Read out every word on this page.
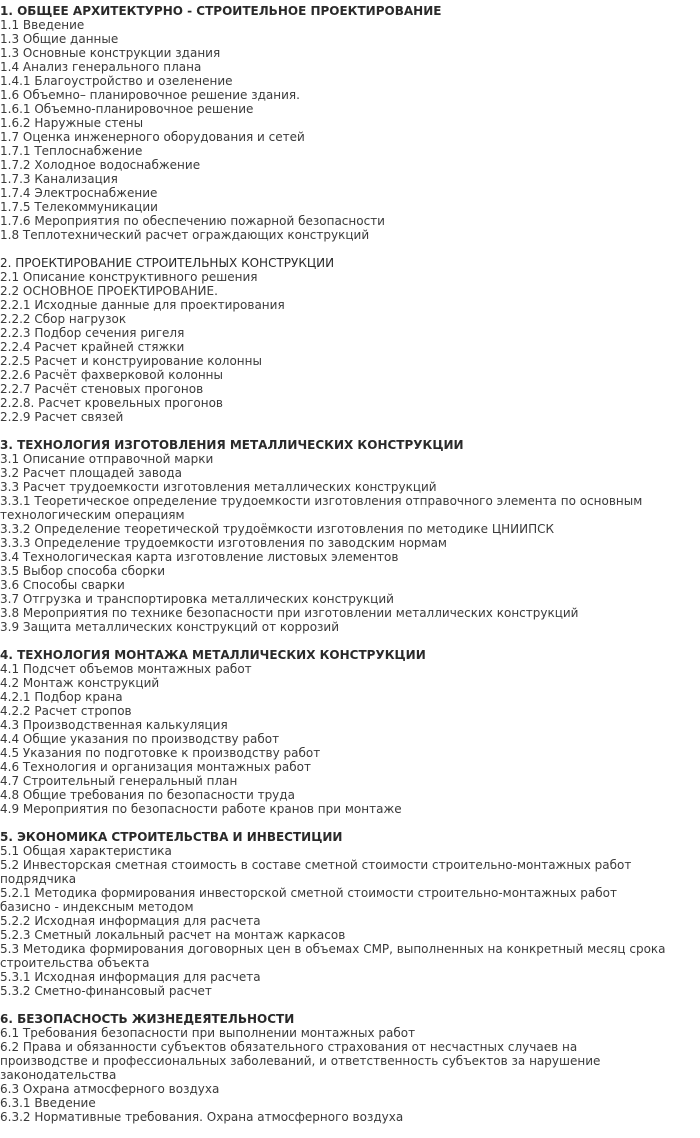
1. ОБЩЕЕ АРХИТЕКТУРНО - СТРОИТЕЛЬНОЕ ПРОЕКТИРОВАНИЕ
1.1 Введение
1.3 Общие данные
1.3 Основные конструкции здания
1.4 Анализ генерального плана
1.4.1 Благоустройство и озеленение
1.6 Объемно– планировочное решение здания.
1.6.1 Объемно-планировочное решение
1.6.2 Наружные стены
1.7 Оценка инженерного оборудования и сетей
1.7.1 Теплоснабжение
1.7.2 Холодное водоснабжение
1.7.3 Канализация
1.7.4 Электроснабжение
1.7.5 Телекоммуникации
1.7.6 Мероприятия по обеспечению пожарной безопасности
1.8 Теплотехнический расчет ограждающих конструкций
2. ПРОЕКТИРОВАНИЕ СТРОИТЕЛЬНЫХ КОНСТРУКЦИИ
2.1 Описание конструктивного решения
2.2 ОСНОВНОЕ ПРОЕКТИРОВАНИЕ.
2.2.1 Исходные данные для проектирования
2.2.2 Сбор нагрузок
2.2.3 Подбор сечения ригеля
2.2.4 Расчет крайней стяжки
2.2.5 Расчет и конструирование колонны
2.2.6 Расчёт фахверковой колонны
2.2.7 Расчёт стеновых прогонов
2.2.8. Расчет кровельных прогонов
2.2.9 Расчет связей
3. ТЕХНОЛОГИЯ ИЗГОТОВЛЕНИЯ МЕТАЛЛИЧЕСКИХ КОНСТРУКЦИИ
3.1 Описание отправочной марки
3.2 Расчет площадей завода
3.3 Расчет трудоемкости изготовления металлических конструкций
3.3.1 Теоретическое определение трудоемкости изготовления отправочного элемента по основным технологическим операциям
3.3.2 Определение теоретической трудоёмкости изготовления по методике ЦНИИПСК
3.3.3 Определение трудоемкости изготовления по заводским нормам
3.4 Технологическая карта изготовление листовых элементов
3.5 Выбор способа сборки
3.6 Способы сварки
3.7 Отгрузка и транспортировка металлических конструкций
3.8 Мероприятия по технике безопасности при изготовлении металлических конструкций
3.9 Защита металлических конструкций от коррозий
4. ТЕХНОЛОГИЯ МОНТАЖА МЕТАЛЛИЧЕСКИХ КОНСТРУКЦИИ
4.1 Подсчет объемов монтажных работ
4.2 Монтаж конструкций
4.2.1 Подбор крана
4.2.2 Расчет стропов
4.3 Производственная калькуляция
4.4 Общие указания по производству работ
4.5 Указания по подготовке к производству работ
4.6 Технология и организация монтажных работ
4.7 Строительный генеральный план
4.8 Общие требования по безопасности труда
4.9 Мероприятия по безопасности работе кранов при монтаже
5. ЭКОНОМИКА СТРОИТЕЛЬСТВА И ИНВЕСТИЦИИ
5.1 Общая характеристика
5.2 Инвесторская сметная стоимость в составе сметной стоимости строительно-монтажных работ подрядчика
5.2.1 Методика формирования инвесторской сметной стоимости строительно-монтажных работ базисно - индексным методом
5.2.2 Исходная информация для расчета
5.2.3 Сметный локальный расчет на монтаж каркасов
5.3 Методика формирования договорных цен в объемах СМР, выполненных на конкретный месяц срока строительства объекта
5.3.1 Исходная информация для расчета
5.3.2 Сметно-финансовый расчет
6. БЕЗОПАСНОСТЬ ЖИЗНЕДЕЯТЕЛЬНОСТИ
6.1 Требования безопасности при выполнении монтажных работ
6.2 Права и обязанности субъектов обязательного страхования от несчастных случаев на производстве и профессиональных заболеваний, и ответственность субъектов за нарушение законодательства
6.3 Охрана атмосферного воздуха
6.3.1 Введение
6.3.2 Нормативные требования. Охрана атмосферного воздуха
